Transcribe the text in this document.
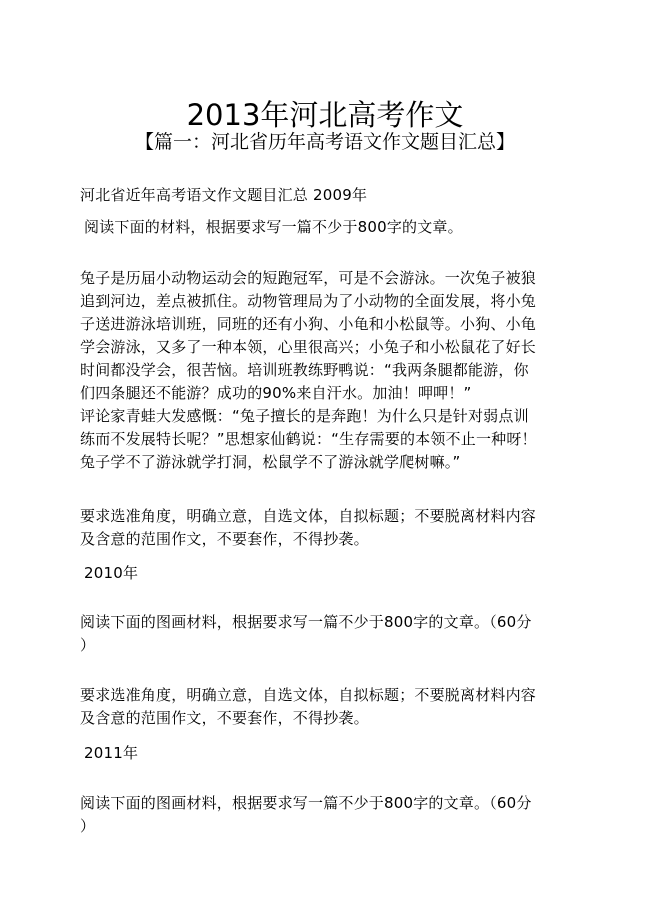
2013年河北高考作文
【篇一：河北省历年高考语文作文题目汇总】

河北省近年高考语文作文题目汇总 2009年

阅读下面的材料，根据要求写一篇不少于800字的文章。

兔子是历届小动物运动会的短跑冠军，可是不会游泳。一次兔子被狼
追到河边，差点被抓住。动物管理局为了小动物的全面发展，将小兔
子送进游泳培训班，同班的还有小狗、小龟和小松鼠等。小狗、小龟
学会游泳，又多了一种本领，心里很高兴；小兔子和小松鼠花了好长
时间都没学会，很苦恼。培训班教练野鸭说：“我两条腿都能游，你
们四条腿还不能游？成功的90%来自汗水。加油！呷呷！”
评论家青蛙大发感慨：“兔子擅长的是奔跑！为什么只是针对弱点训
练而不发展特长呢？”思想家仙鹤说：“生存需要的本领不止一种呀！
兔子学不了游泳就学打洞，松鼠学不了游泳就学爬树嘛。”
要求选准角度，明确立意，自选文体，自拟标题；不要脱离材料内容
及含意的范围作文，不要套作，不得抄袭。

2010年

阅读下面的图画材料，根据要求写一篇不少于800字的文章。（60分
）
要求选准角度，明确立意，自选文体，自拟标题；不要脱离材料内容
及含意的范围作文，不要套作，不得抄袭。

2011年

阅读下面的图画材料，根据要求写一篇不少于800字的文章。（60分
）
